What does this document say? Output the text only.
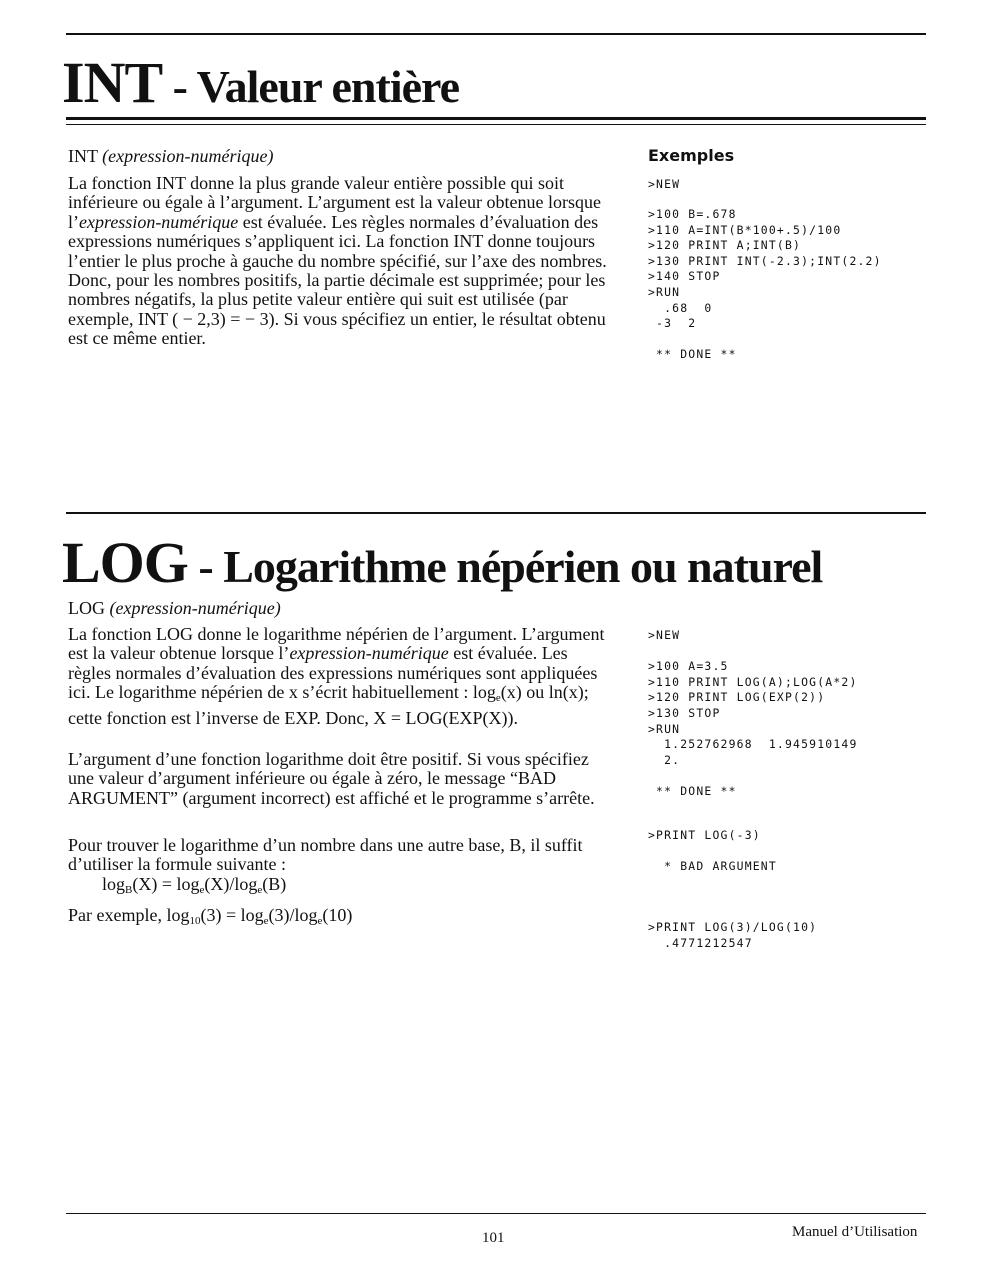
INT - Valeur entière
INT (expression-numérique)

La fonction INT donne la plus grande valeur entière possible qui soit inférieure ou égale à l’argument. L’argument est la valeur obtenue lorsque l’expression-numérique est évaluée. Les règles normales d’évaluation des expressions numériques s’appliquent ici. La fonction INT donne toujours l’entier le plus proche à gauche du nombre spécifié, sur l’axe des nombres. Donc, pour les nombres positifs, la partie décimale est supprimée; pour les nombres négatifs, la plus petite valeur entière qui suit est utilisée (par exemple, INT ( − 2,3) = − 3). Si vous spécifiez un entier, le résultat obtenu est ce même entier.

Exemples
>NEW
>100 B=.678
>110 A=INT(B*100+.5)/100
>120 PRINT A;INT(B)
>130 PRINT INT(-2.3);INT(2.2)
>140 STOP
>RUN
.68  0
-3  2

** DONE **
LOG - Logarithme népérien ou naturel
LOG (expression-numérique)

La fonction LOG donne le logarithme népérien de l’argument. L’argument est la valeur obtenue lorsque l’expression-numérique est évaluée. Les règles normales d’évaluation des expressions numériques sont appliquées ici. Le logarithme népérien de x s’écrit habituellement : $\log_e(x)$ ou ln(x); cette fonction est l’inverse de EXP. Donc, X = LOG(EXP(X)).

L’argument d’une fonction logarithme doit être positif. Si vous spécifiez une valeur d’argument inférieure ou égale à zéro, le message “BAD ARGUMENT” (argument incorrect) est affiché et le programme s’arrête.

Pour trouver le logarithme d’un nombre dans une autre base, B, il suffit d’utiliser la formule suivante :

$\log_B(X) = \log_e(X)/\log_e(B)$
Par exemple, $\log_{10}(3) = \log_e(3)/\log_e(10)$
>NEW

>100 A=3.5
>110 PRINT LOG(A);LOG(A*2)
>120 PRINT LOG(EXP(2))
>130 STOP
>RUN
1.252762968  1.945910149
2.

** DONE **
>PRINT LOG(-3)

* BAD ARGUMENT
>PRINT LOG(3)/LOG(10)
.4771212547
101	Manuel d’Utilisation
